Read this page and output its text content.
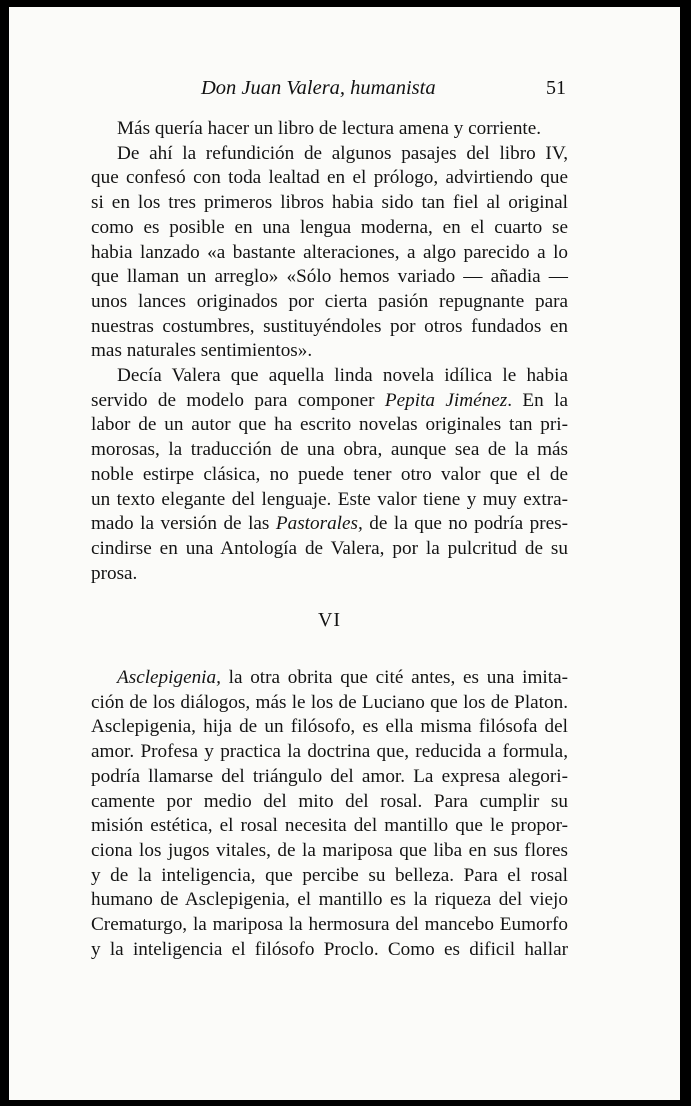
Don Juan Valera, humanista	51

Más quería hacer un libro de lectura amena y corriente.

De ahí la refundición de algunos pasajes del libro IV,
que confesó con toda lealtad en el prólogo, advirtiendo que
si en los tres primeros libros habia sido tan fiel al original
como es posible en una lengua moderna, en el cuarto se
habia lanzado «a bastante alteraciones, a algo parecido a lo
que llaman un arreglo» «Sólo hemos variado — añadia —
unos lances originados por cierta pasión repugnante para
nuestras costumbres, sustituyéndoles por otros fundados en
mas naturales sentimientos».

Decía Valera que aquella linda novela idílica le habia
servido de modelo para componer Pepita Jiménez. En la
labor de un autor que ha escrito novelas originales tan pri-
morosas, la traducción de una obra, aunque sea de la más
noble estirpe clásica, no puede tener otro valor que el de
un texto elegante del lenguaje. Este valor tiene y muy extra-
mado la versión de las Pastorales, de la que no podría pres-
cindirse en una Antología de Valera, por la pulcritud de su
prosa.

VI

Asclepigenia, la otra obrita que cité antes, es una imita-
ción de los diálogos, más le los de Luciano que los de Platon.
Asclepigenia, hija de un filósofo, es ella misma filósofa del
amor. Profesa y practica la doctrina que, reducida a formula,
podría llamarse del triángulo del amor. La expresa alegori-
camente por medio del mito del rosal. Para cumplir su
misión estética, el rosal necesita del mantillo que le propor-
ciona los jugos vitales, de la mariposa que liba en sus flores
y de la inteligencia, que percibe su belleza. Para el rosal
humano de Asclepigenia, el mantillo es la riqueza del viejo
Crematurgo, la mariposa la hermosura del mancebo Eumorfo
y la inteligencia el filósofo Proclo. Como es dificil hallar
